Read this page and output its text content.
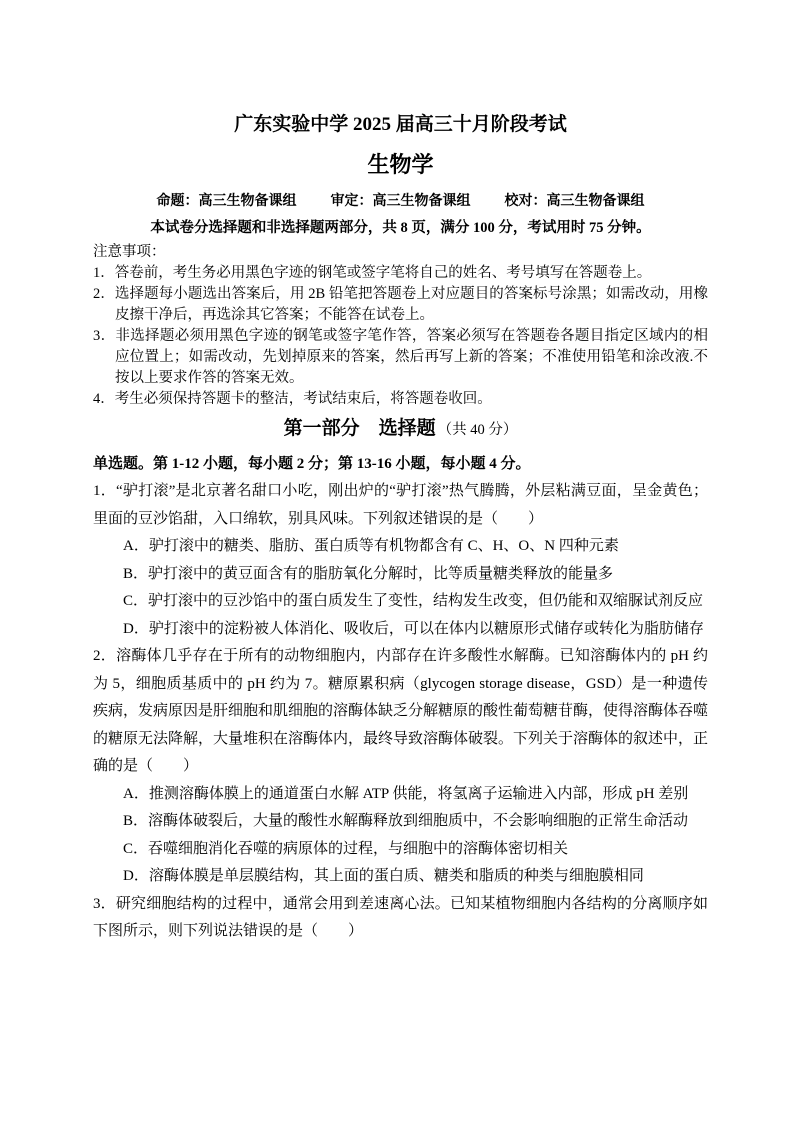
广东实验中学 2025 届高三十月阶段考试
生物学

命题：高三生物备课组 审定：高三生物备课组 校对：高三生物备课组

本试卷分选择题和非选择题两部分，共 8 页，满分 100 分，考试用时 75 分钟。

注意事项：

1．答卷前，考生务必用黑色字迹的钢笔或签字笔将自己的姓名、考号填写在答题卷上。

2．选择题每小题选出答案后，用 2B 铅笔把答题卷上对应题目的答案标号涂黑；如需改动，用橡皮擦干净后，再选涂其它答案；不能答在试卷上。

3．非选择题必须用黑色字迹的钢笔或签字笔作答，答案必须写在答题卷各题目指定区域内的相应位置上；如需改动，先划掉原来的答案，然后再写上新的答案；不准使用铅笔和涂改液.不按以上要求作答的答案无效。

4．考生必须保持答题卡的整洁，考试结束后，将答题卷收回。

第一部分　选择题 （共 40 分）

单选题。第 1-12 小题，每小题 2 分；第 13-16 小题，每小题 4 分。

1．“驴打滚”是北京著名甜口小吃，刚出炉的“驴打滚”热气腾腾，外层粘满豆面，呈金黄色；里面的豆沙馅甜，入口绵软，别具风味。下列叙述错误的是（　　）

A．驴打滚中的糖类、脂肪、蛋白质等有机物都含有 C、H、O、N 四种元素

B．驴打滚中的黄豆面含有的脂肪氧化分解时，比等质量糖类释放的能量多

C．驴打滚中的豆沙馅中的蛋白质发生了变性，结构发生改变，但仍能和双缩脲试剂反应

D．驴打滚中的淀粉被人体消化、吸收后，可以在体内以糖原形式储存或转化为脂肪储存

2．溶酶体几乎存在于所有的动物细胞内，内部存在许多酸性水解酶。已知溶酶体内的 pH 约为 5，细胞质基质中的 pH 约为 7。糖原累积病（glycogen storage disease，GSD）是一种遗传疾病，发病原因是肝细胞和肌细胞的溶酶体缺乏分解糖原的酸性葡萄糖苷酶，使得溶酶体吞噬的糖原无法降解，大量堆积在溶酶体内，最终导致溶酶体破裂。下列关于溶酶体的叙述中，正确的是（　　）

A．推测溶酶体膜上的通道蛋白水解 ATP 供能，将氢离子运输进入内部，形成 pH 差别

B．溶酶体破裂后，大量的酸性水解酶释放到细胞质中，不会影响细胞的正常生命活动

C．吞噬细胞消化吞噬的病原体的过程，与细胞中的溶酶体密切相关

D．溶酶体膜是单层膜结构，其上面的蛋白质、糖类和脂质的种类与细胞膜相同

3．研究细胞结构的过程中，通常会用到差速离心法。已知某植物细胞内各结构的分离顺序如下图所示，则下列说法错误的是（　　）
